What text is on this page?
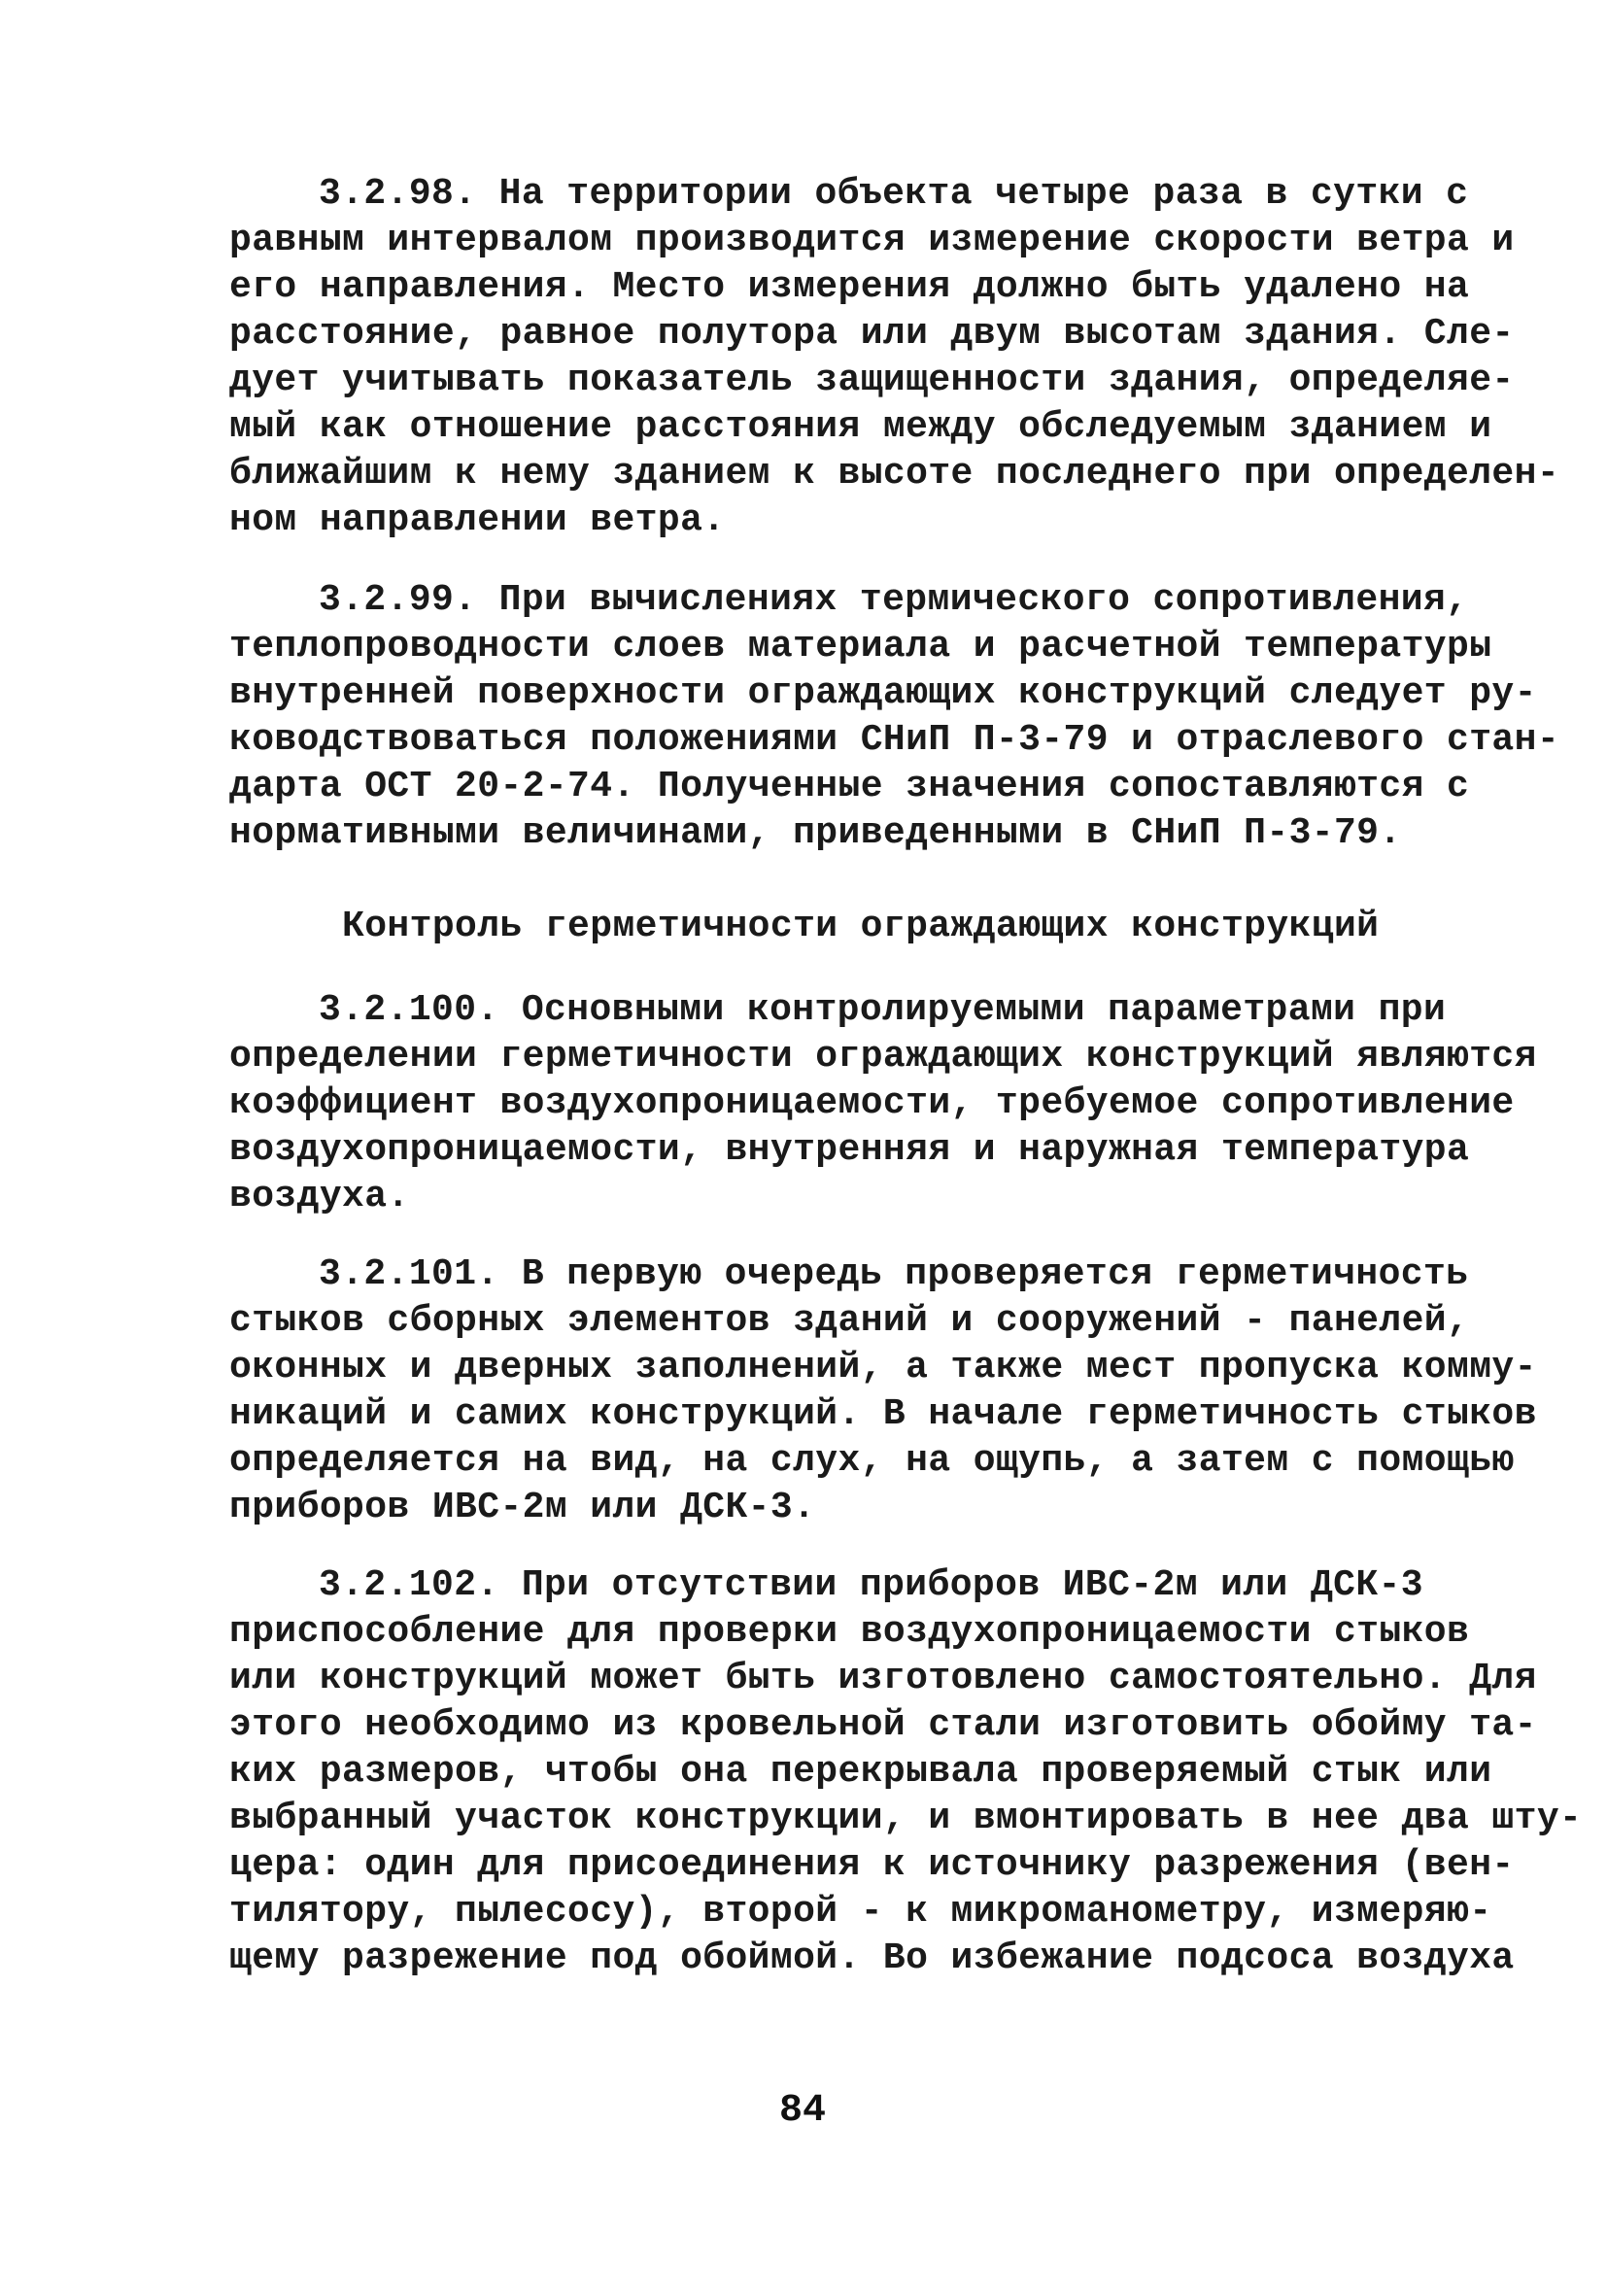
3.2.98. На территории объекта четыре раза в сутки с
равным интервалом производится измерение скорости ветра и
его направления. Место измерения должно быть удалено на
расстояние, равное полутора или двум высотам здания. Сле-
дует учитывать показатель защищенности здания, определяе-
мый как отношение расстояния между обследуемым зданием и
ближайшим к нему зданием к высоте последнего при определен-
ном направлении ветра.
3.2.99. При вычислениях термического сопротивления,
теплопроводности слоев материала и расчетной температуры
внутренней поверхности ограждающих конструкций следует ру-
ководствоваться положениями СНиП П-3-79 и отраслевого стан-
дарта ОСТ 20-2-74. Полученные значения сопоставляются с
нормативными величинами, приведенными в СНиП П-3-79.
Контроль герметичности ограждающих конструкций
3.2.100. Основными контролируемыми параметрами при
определении герметичности ограждающих конструкций являются
коэффициент воздухопроницаемости, требуемое сопротивление
воздухопроницаемости, внутренняя и наружная температура
воздуха.
3.2.101. В первую очередь проверяется герметичность
стыков сборных элементов зданий и сооружений - панелей,
оконных и дверных заполнений, а также мест пропуска комму-
никаций и самих конструкций. В начале герметичность стыков
определяется на вид, на слух, на ощупь, а затем с помощью
приборов ИВС-2м или ДСК-3.
3.2.102. При отсутствии приборов ИВС-2м или ДСК-3
приспособление для проверки воздухопроницаемости стыков
или конструкций может быть изготовлено самостоятельно. Для
этого необходимо из кровельной стали изготовить обойму та-
ких размеров, чтобы она перекрывала проверяемый стык или
выбранный участок конструкции, и вмонтировать в нее два шту-
цера: один для присоединения к источнику разрежения (вен-
тилятору, пылесосу), второй - к микроманометру, измеряю-
щему разрежение под обоймой. Во избежание подсоса воздуха
84
